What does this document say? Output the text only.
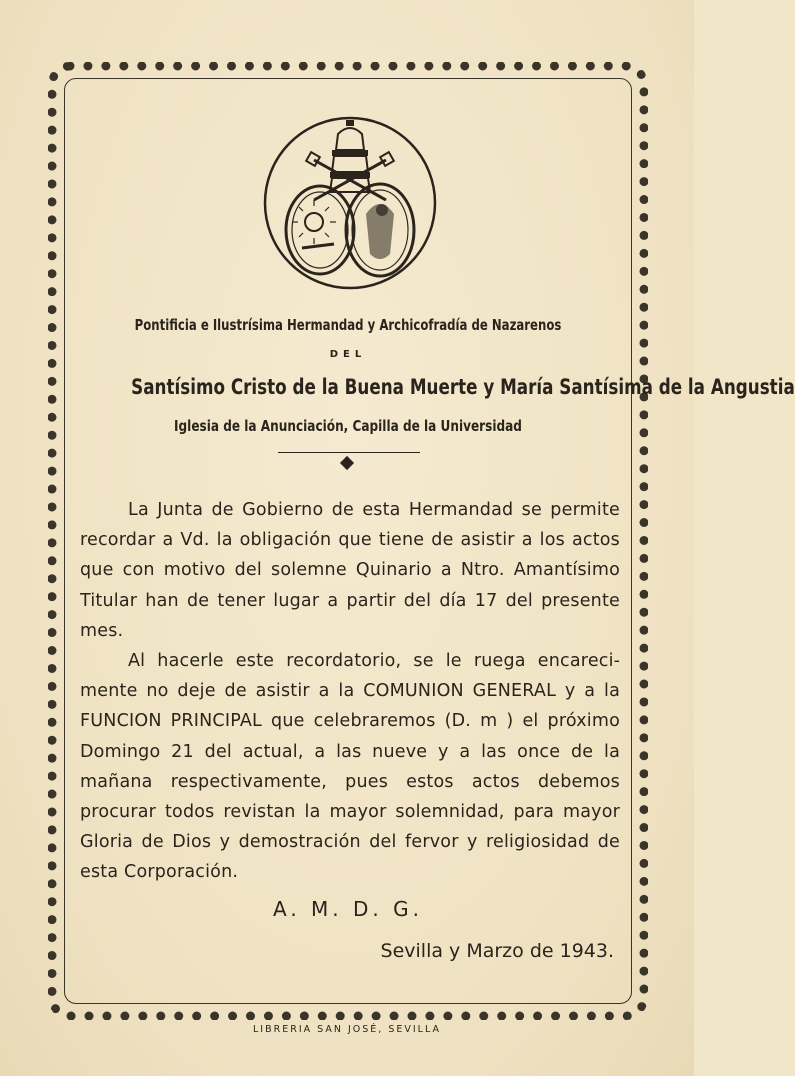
Pontificia e Ilustrísima Hermandad y Archicofradía de Nazarenos
DEL
Santísimo Cristo de la Buena Muerte y María Santísima de la Angustia
Iglesia de la Anunciación, Capilla de la Universidad
La Junta de Gobierno de esta Hermandad se permite recordar a Vd. la obligación que tiene de asistir a los actos que con motivo del solemne Quinario a Ntro. Amantísimo Titular han de tener lugar a partir del día 17 del presente mes.
Al hacerle este recordatorio, se le ruega encarecimente no deje de asistir a la COMUNION GENERAL y a la FUNCION PRINCIPAL que celebraremos (D. m ) el próximo Domingo 21 del actual, a las nueve y a las once de la mañana respectivamente, pues estos actos debemos procurar todos revistan la mayor solemnidad, para mayor Gloria de Dios y demostración del fervor y religiosidad de esta Corporación.
A. M. D. G.
Sevilla y Marzo de 1943.
LIBRERIA SAN JOSÉ, SEVILLA
